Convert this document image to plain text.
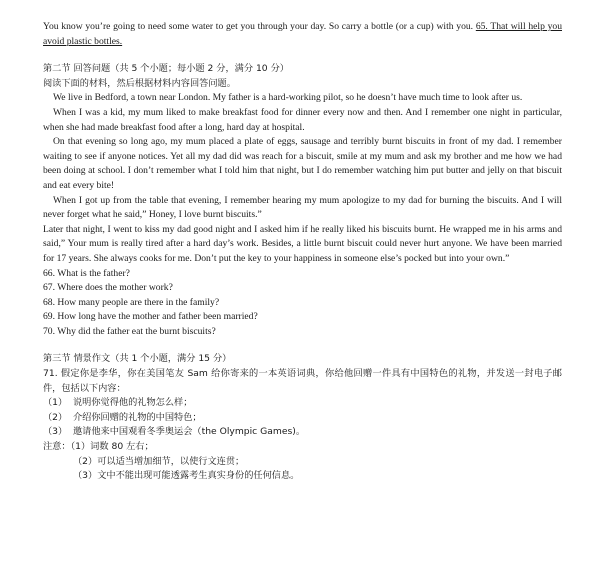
You know you’re going to need some water to get you through your day. So carry a bottle (or a cup) with you. 65. That will help you avoid plastic bottles.

第二节 回答问题（共 5 个小题；每小题 2 分，满分 10 分）

阅读下面的材料，然后根据材料内容回答问题。

We live in Bedford, a town near London. My father is a hard-working pilot, so he doesn’t have much time to look after us.

When I was a kid, my mum liked to make breakfast food for dinner every now and then. And I remember one night in particular, when she had made breakfast food after a long, hard day at hospital.

On that evening so long ago, my mum placed a plate of eggs, sausage and terribly burnt biscuits in front of my dad. I remember waiting to see if anyone notices. Yet all my dad did was reach for a biscuit, smile at my mum and ask my brother and me how we had been doing at school. I don’t remember what I told him that night, but I do remember watching him put butter and jelly on that biscuit and eat every bite!

When I got up from the table that evening, I remember hearing my mum apologize to my dad for burning the biscuits. And I will never forget what he said,” Honey, I love burnt biscuits.”

Later that night, I went to kiss my dad good night and I asked him if he really liked his biscuits burnt. He wrapped me in his arms and said,” Your mum is really tired after a hard day’s work. Besides, a little burnt biscuit could never hurt anyone. We have been married for 17 years. She always cooks for me. Don’t put the key to your happiness in someone else’s pocked but into your own.”

66. What is the father?

67. Where does the mother work?

68. How many people are there in the family?

69. How long have the mother and father been married?

70. Why did the father eat the burnt biscuits?

第三节 情景作文（共 1 个小题，满分 15 分）

71. 假定你是李华，你在美国笔友 Sam 给你寄来的一本英语词典，你给他回赠一件具有中国特色的礼物，并发送一封电子邮件，包括以下内容：

（1） 说明你觉得他的礼物怎么样；
（2） 介绍你回赠的礼物的中国特色；
（3） 邀请他来中国观看冬季奥运会（the Olympic Games)。

注意：（1）词数 80 左右；

（2）可以适当增加细节，以使行文连贯；

（3）文中不能出现可能透露考生真实身份的任何信息。
